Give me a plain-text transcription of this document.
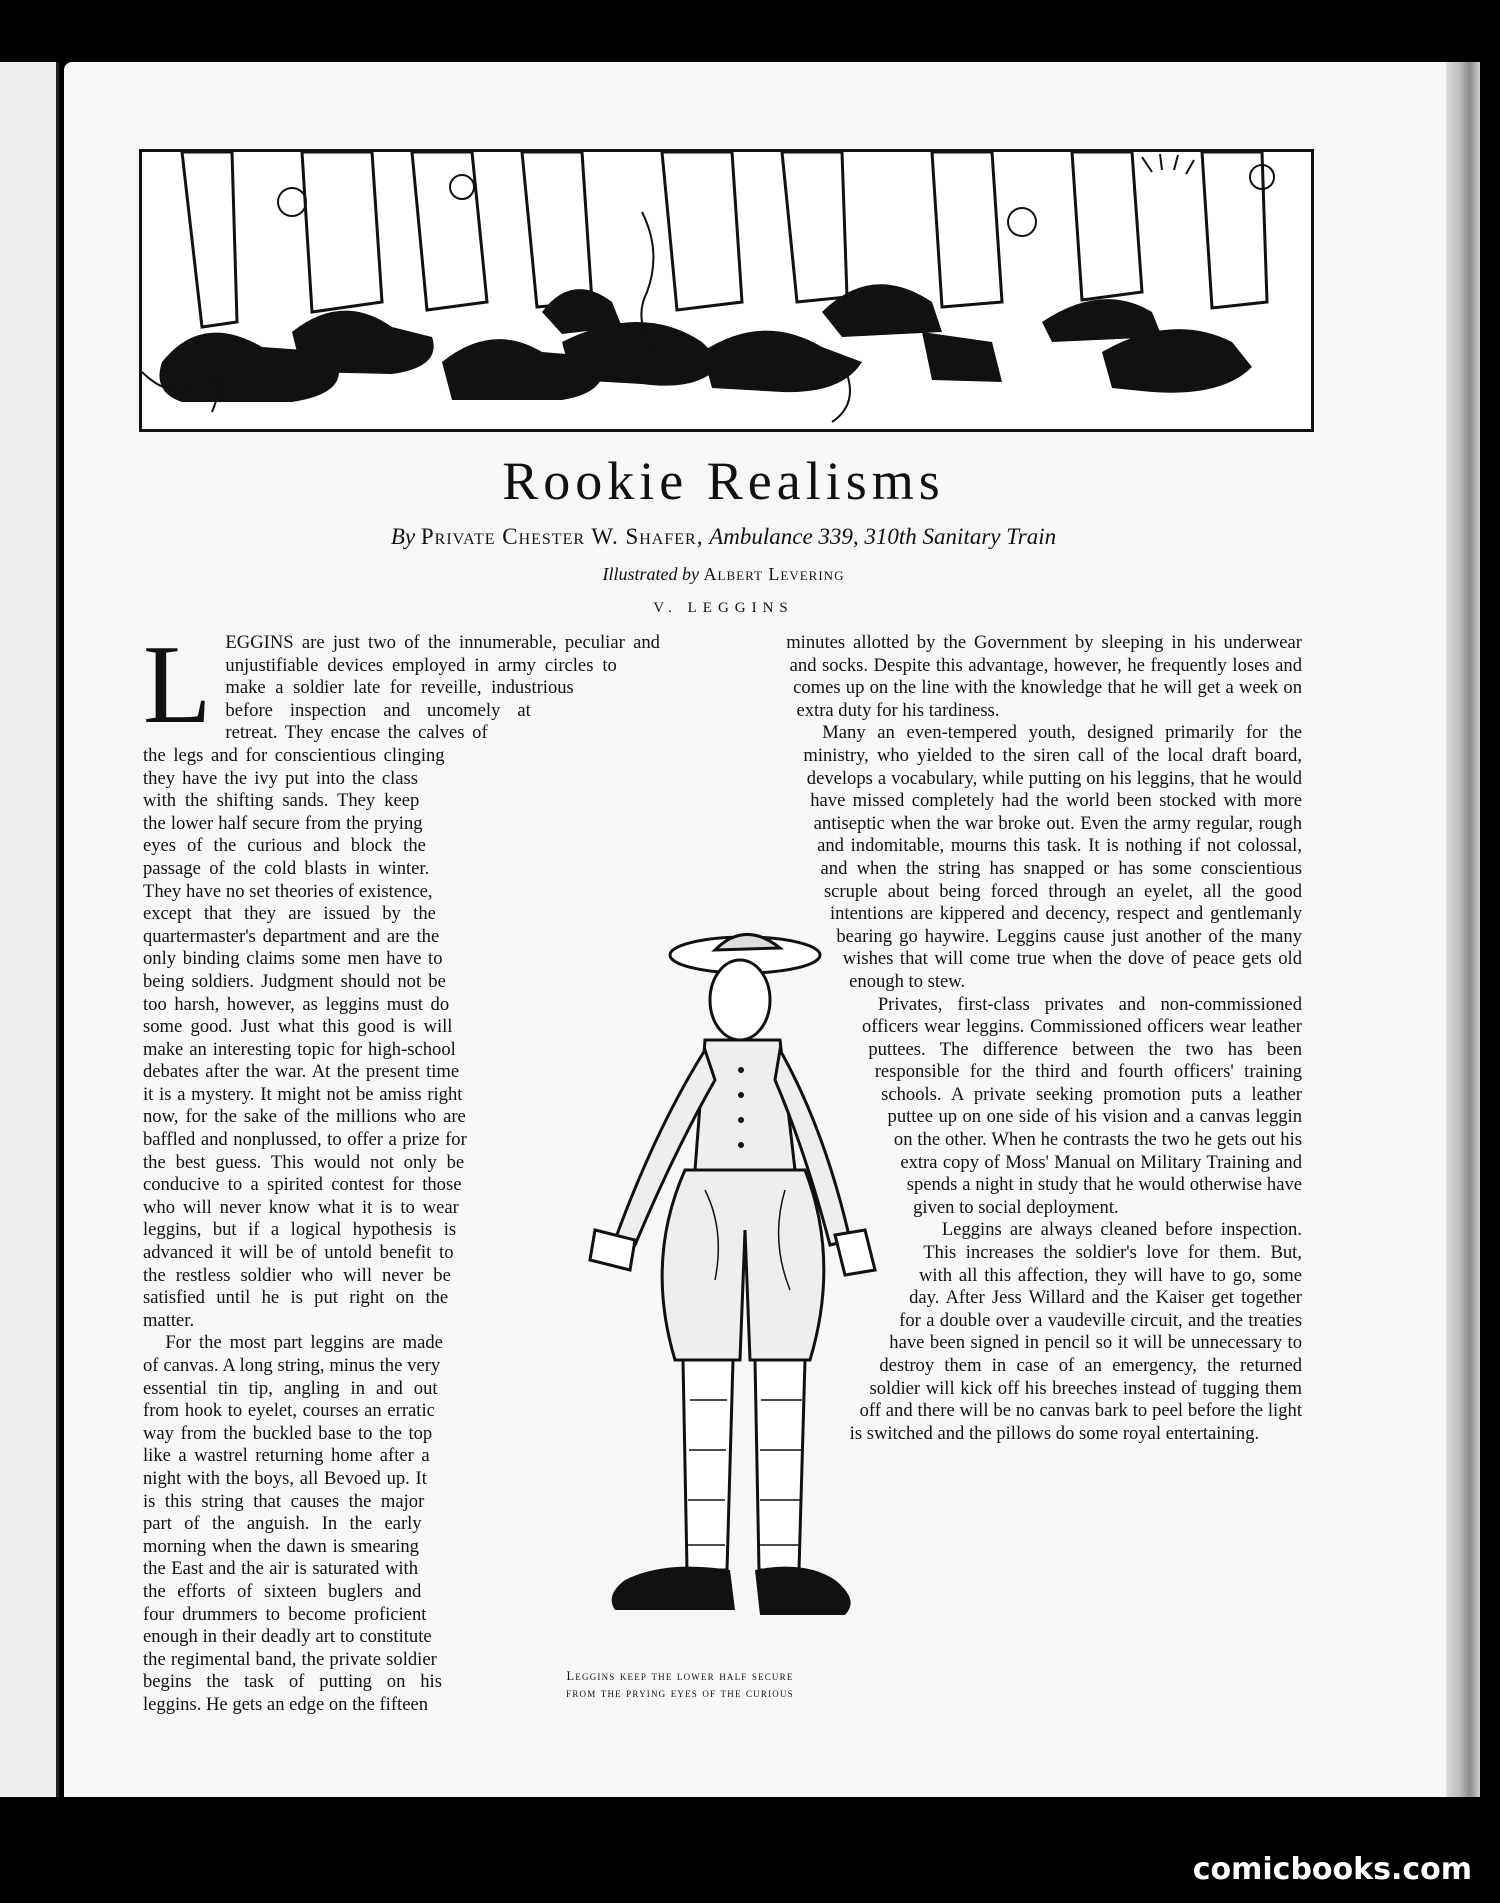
Rookie Realisms

By Private Chester W. Shafer, Ambulance 339, 310th Sanitary Train

Illustrated by Albert Levering

V. LEGGINS

L EGGINS are just two of the innumerable, peculiar and unjustifiable devices employed in army circles to make a soldier late for reveille, industrious before inspection and uncomely at retreat. They encase the calves of the legs and for conscientious clinging they have the ivy put into the class with the shifting sands. They keep the lower half secure from the prying eyes of the curious and block the passage of the cold blasts in winter. They have no set theories of existence, except that they are issued by the quartermaster's department and are the only binding claims some men have to being soldiers. Judgment should not be too harsh, however, as leggins must do some good. Just what this good is will make an interesting topic for high-school debates after the war. At the present time it is a mystery. It might not be amiss right now, for the sake of the millions who are baffled and nonplussed, to offer a prize for the best guess. This would not only be conducive to a spirited contest for those who will never know what it is to wear leggins, but if a logical hypothesis is advanced it will be of untold benefit to the restless soldier who will never be satisfied until he is put right on the matter.

For the most part leggins are made of canvas. A long string, minus the very essential tin tip, angling in and out from hook to eyelet, courses an erratic way from the buckled base to the top like a wastrel returning home after a night with the boys, all Bevoed up. It is this string that causes the major part of the anguish. In the early morning when the dawn is smearing the East and the air is saturated with the efforts of sixteen buglers and four drummers to become proficient enough in their deadly art to constitute the regimental band, the private soldier begins the task of putting on his leggins. He gets an edge on the fifteen

minutes allotted by the Government by sleeping in his underwear and socks. Despite this advantage, however, he frequently loses and comes up on the line with the knowledge that he will get a week on extra duty for his tardiness.

Many an even-tempered youth, designed primarily for the ministry, who yielded to the siren call of the local draft board, develops a vocabulary, while putting on his leggins, that he would have missed completely had the world been stocked with more antiseptic when the war broke out. Even the army regular, rough and indomitable, mourns this task. It is nothing if not colossal, and when the string has snapped or has some conscientious scruple about being forced through an eyelet, all the good intentions are kippered and decency, respect and gentlemanly bearing go haywire. Leggins cause just another of the many wishes that will come true when the dove of peace gets old enough to stew.

Privates, first-class privates and non-commissioned officers wear leggins. Commissioned officers wear leather puttees. The difference between the two has been responsible for the third and fourth officers' training schools. A private seeking promotion puts a leather puttee up on one side of his vision and a canvas leggin on the other. When he contrasts the two he gets out his extra copy of Moss' Manual on Military Training and spends a night in study that he would otherwise have given to social deployment.

Leggins are always cleaned before inspection. This increases the soldier's love for them. But, with all this affection, they will have to go, some day. After Jess Willard and the Kaiser get together for a double over a vaudeville circuit, and the treaties have been signed in pencil so it will be unnecessary to destroy them in case of an emergency, the returned soldier will kick off his breeches instead of tugging them off and there will be no canvas bark to peel before the light is switched and the pillows do some royal entertaining.

Leggins keep the lower half secure from the prying eyes of the curious

comicbooks.com
